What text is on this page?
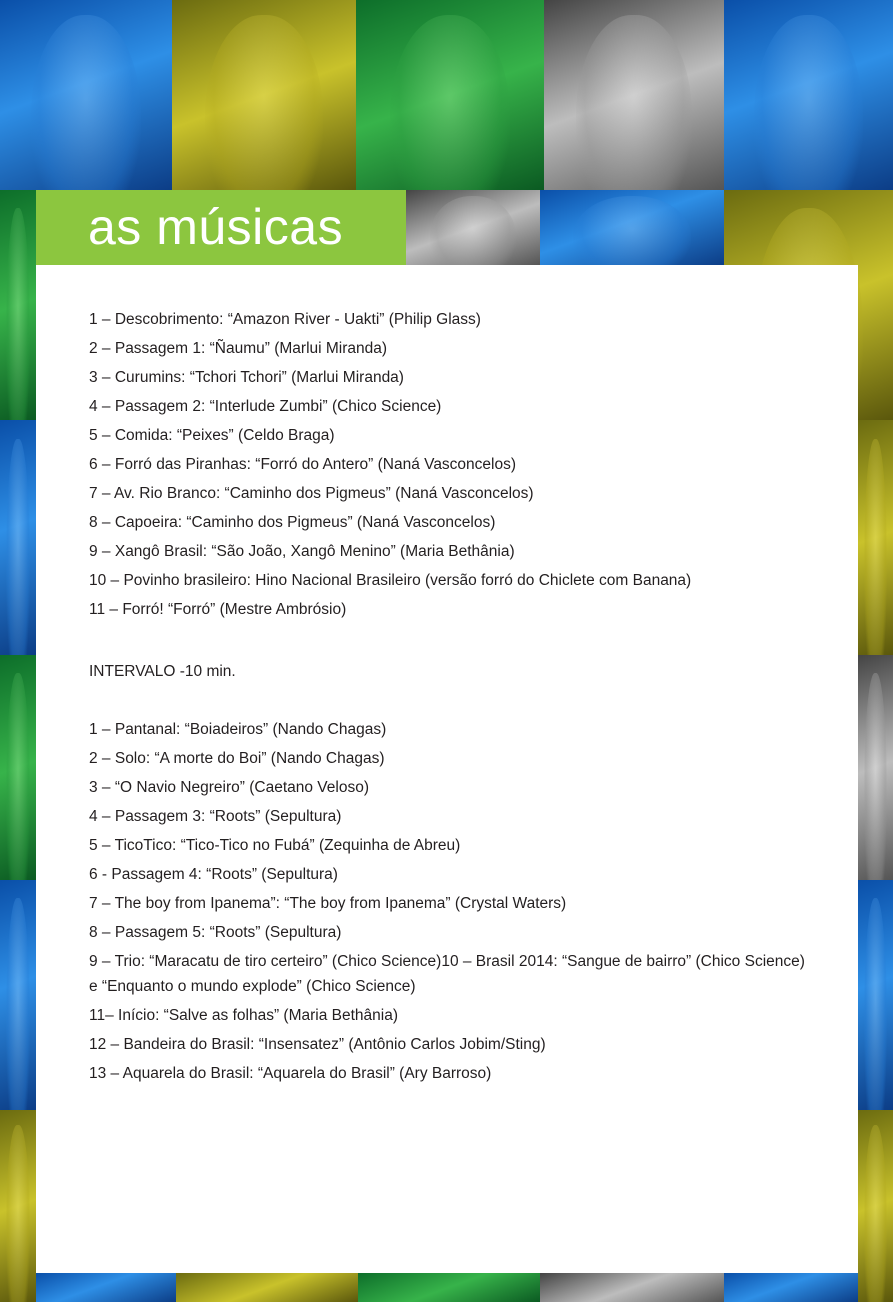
as músicas
1 – Descobrimento: “Amazon River - Uakti” (Philip Glass)
2 – Passagem 1: “Ñaumu” (Marlui Miranda)
3 – Curumins: “Tchori Tchori” (Marlui Miranda)
4 – Passagem 2: “Interlude Zumbi” (Chico Science)
5 – Comida: “Peixes” (Celdo Braga)
6 – Forró das Piranhas: “Forró do Antero” (Naná Vasconcelos)
7 – Av. Rio Branco: “Caminho dos Pigmeus” (Naná Vasconcelos)
8 – Capoeira: “Caminho dos Pigmeus” (Naná Vasconcelos)
9 – Xangô Brasil: “São João, Xangô Menino” (Maria Bethânia)
10 – Povinho brasileiro: Hino Nacional Brasileiro (versão forró do Chiclete com Banana)
11 – Forró! “Forró” (Mestre Ambrósio)
INTERVALO -10 min.
1 – Pantanal: “Boiadeiros” (Nando Chagas)
2 – Solo: “A morte do Boi” (Nando Chagas)
3 – “O Navio Negreiro” (Caetano Veloso)
4 – Passagem 3: “Roots” (Sepultura)
5 – TicoTico: “Tico-Tico no Fubá” (Zequinha de Abreu)
6 - Passagem 4: “Roots” (Sepultura)
7 – The boy from Ipanema”: “The boy from Ipanema” (Crystal Waters)
8 – Passagem 5: “Roots” (Sepultura)
9 – Trio: “Maracatu de tiro certeiro” (Chico Science)10 – Brasil 2014: “Sangue de bairro” (Chico Science) e “Enquanto o mundo explode” (Chico Science)
11– Início: “Salve as folhas” (Maria Bethânia)
12 – Bandeira do Brasil: “Insensatez” (Antônio Carlos Jobim/Sting)
13 – Aquarela do Brasil: “Aquarela do Brasil” (Ary Barroso)
